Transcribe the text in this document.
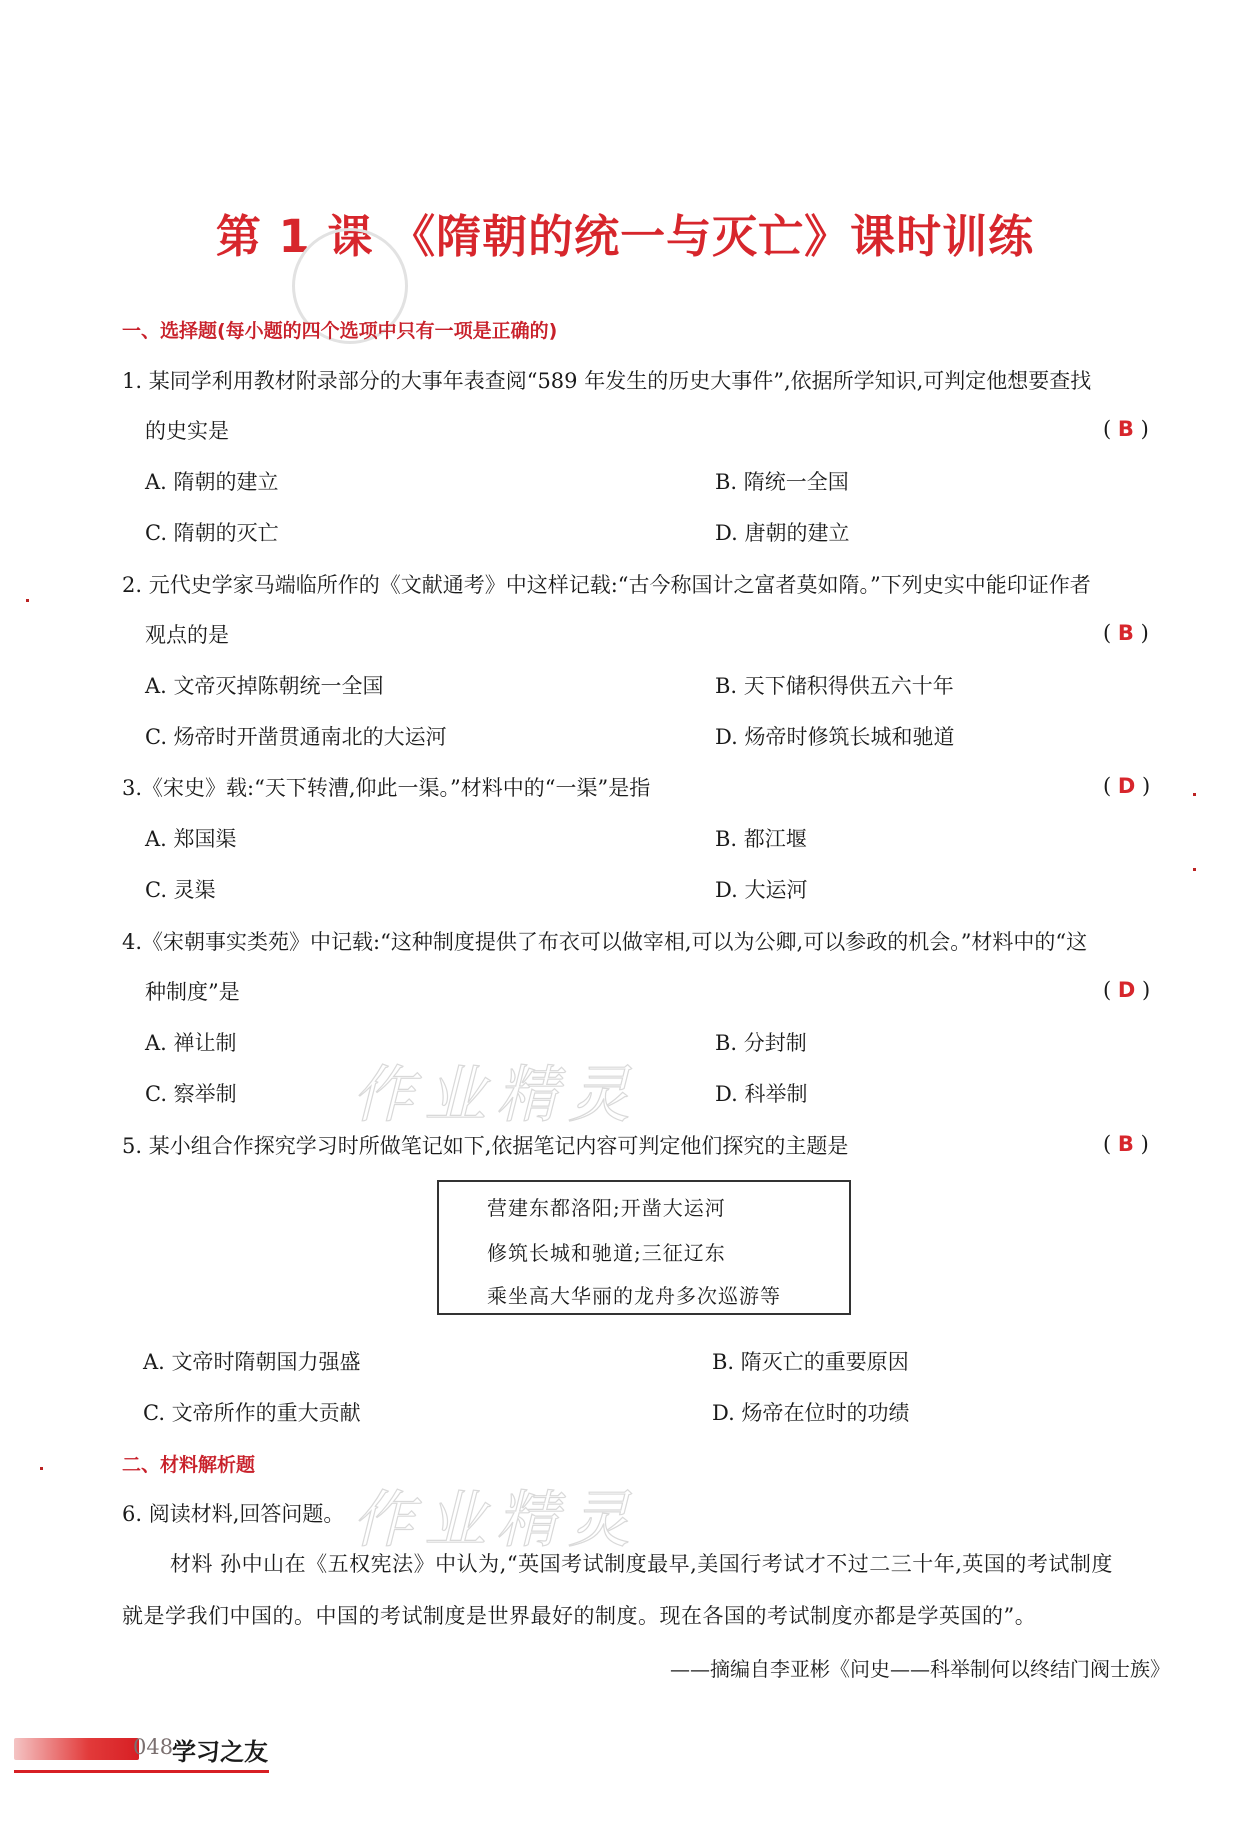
第 1 课 《隋朝的统一与灭亡》课时训练
一、选择题(每小题的四个选项中只有一项是正确的)
1. 某同学利用教材附录部分的大事年表查阅“589 年发生的历史大事件”,依据所学知识,可判定他想要查找
的史实是	( B )
A. 隋朝的建立	B. 隋统一全国
C. 隋朝的灭亡	D. 唐朝的建立
2. 元代史学家马端临所作的《文献通考》中这样记载:“古今称国计之富者莫如隋。”下列史实中能印证作者
观点的是	( B )
A. 文帝灭掉陈朝统一全国	B. 天下储积得供五六十年
C. 炀帝时开凿贯通南北的大运河	D. 炀帝时修筑长城和驰道
3.《宋史》载:“天下转漕,仰此一渠。”材料中的“一渠”是指	( D )
A. 郑国渠	B. 都江堰
C. 灵渠	D. 大运河
4.《宋朝事实类苑》中记载:“这种制度提供了布衣可以做宰相,可以为公卿,可以参政的机会。”材料中的“这
种制度”是	( D )
A. 禅让制	B. 分封制
C. 察举制	D. 科举制
5. 某小组合作探究学习时所做笔记如下,依据笔记内容可判定他们探究的主题是	( B )
营建东都洛阳;开凿大运河
修筑长城和驰道;三征辽东
乘坐高大华丽的龙舟多次巡游等
A. 文帝时隋朝国力强盛	B. 隋灭亡的重要原因
C. 文帝所作的重大贡献	D. 炀帝在位时的功绩
作业精灵
作业精灵
二、材料解析题
6. 阅读材料,回答问题。
材料 孙中山在《五权宪法》中认为,“英国考试制度最早,美国行考试才不过二三十年,英国的考试制度
就是学我们中国的。中国的考试制度是世界最好的制度。现在各国的考试制度亦都是学英国的”。
——摘编自李亚彬《问史——科举制何以终结门阀士族》
048
学习之友
